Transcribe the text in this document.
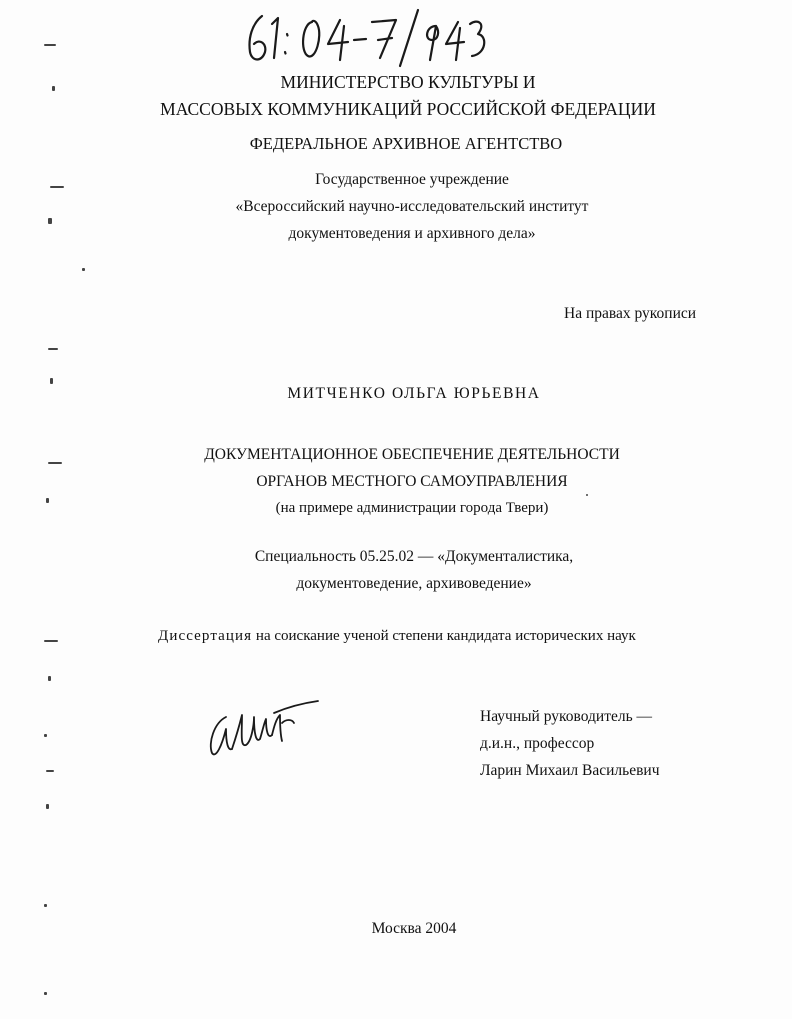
МИНИСТЕРСТВО КУЛЬТУРЫ И
МАССОВЫХ КОММУНИКАЦИЙ РОССИЙСКОЙ ФЕДЕРАЦИИ
ФЕДЕРАЛЬНОЕ АРХИВНОЕ АГЕНТСТВО
Государственное учреждение
«Всероссийский научно-исследовательский институт
документоведения и архивного дела»
На правах рукописи
МИТЧЕНКО ОЛЬГА ЮРЬЕВНА
ДОКУМЕНТАЦИОННОЕ ОБЕСПЕЧЕНИЕ ДЕЯТЕЛЬНОСТИ
ОРГАНОВ МЕСТНОГО САМОУПРАВЛЕНИЯ
(на примере администрации города Твери)
Специальность 05.25.02 — «Документалистика,
документоведение, архивоведение»
Диссертация на соискание ученой степени кандидата исторических наук
Научный руководитель —
д.и.н., профессор
Ларин Михаил Васильевич
Москва 2004
